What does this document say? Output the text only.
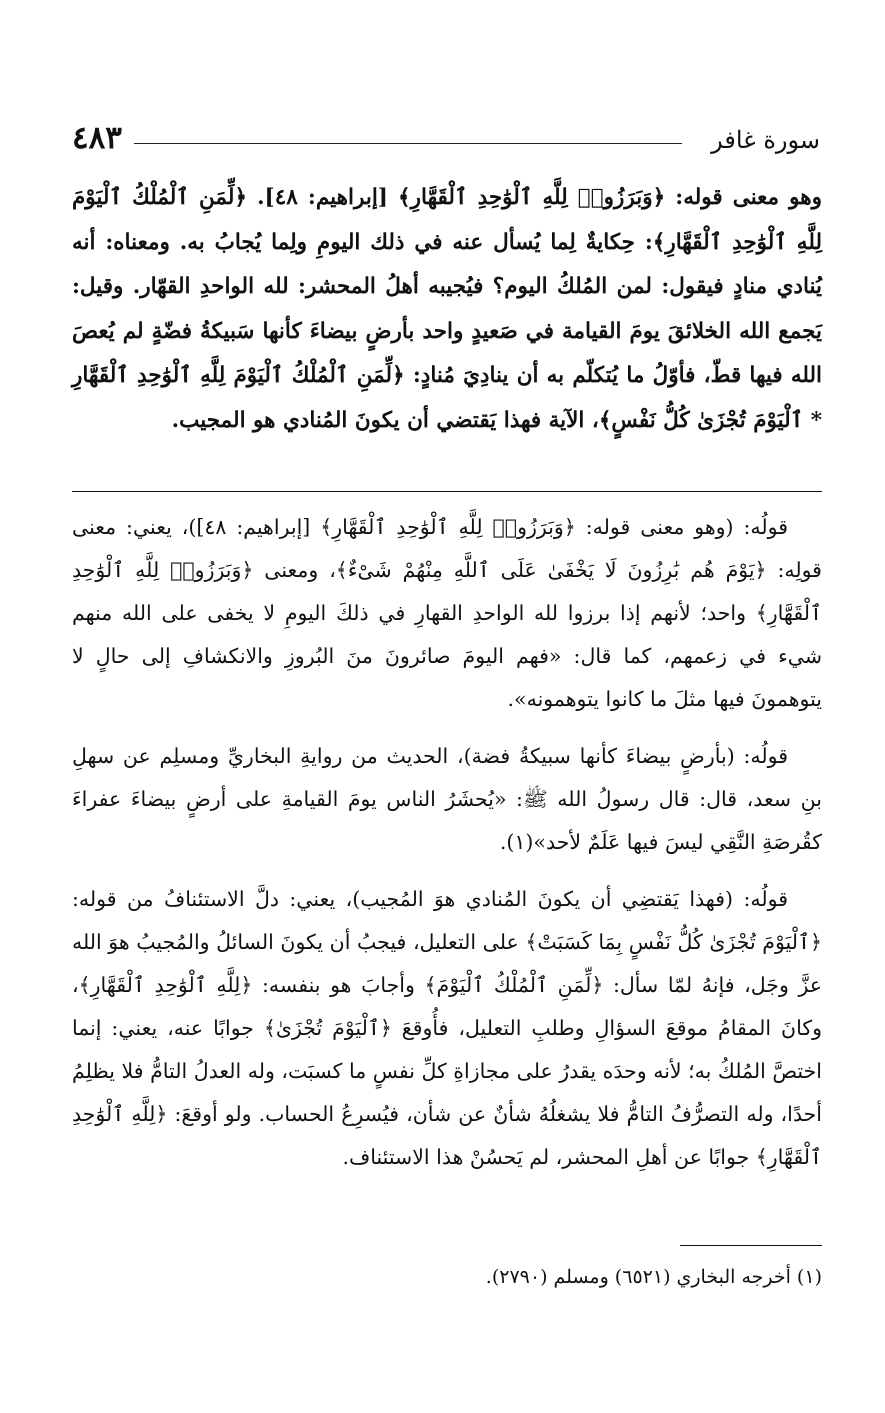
٤٨٣	سورة غافر

وهو معنى قوله: ﴿وَبَرَزُوا۟ لِلَّهِ ٱلْوَٰحِدِ ٱلْقَهَّارِ﴾ [إبراهيم: ٤٨]. ﴿لِّمَنِ ٱلْمُلْكُ ٱلْيَوْمَ لِلَّهِ ٱلْوَٰحِدِ ٱلْقَهَّارِ﴾: حِكايةٌ لِما يُسأل عنه في ذلك اليومِ ولِما يُجابُ به. ومعناه: أنه يُنادي منادٍ فيقول: لمن المُلكُ اليوم؟ فيُجيبه أهلُ المحشر: لله الواحدِ القهّار. وقيل: يَجمع الله الخلائقَ يومَ القيامة في صَعيدٍ واحد بأرضٍ بيضاءَ كأنها سَبيكةُ فضّةٍ لم يُعصَ الله فيها قطّ، فأوّلُ ما يُتكلّم به أن ينادِيَ مُنادٍ: ﴿لِّمَنِ ٱلْمُلْكُ ٱلْيَوْمَ لِلَّهِ ٱلْوَٰحِدِ ٱلْقَهَّارِ * ٱلْيَوْمَ تُجْزَىٰ كُلُّ نَفْسٍ﴾، الآية فهذا يَقتضي أن يكونَ المُنادي هو المجيب.

قولُه: (وهو معنى قوله: ﴿وَبَرَزُوا۟ لِلَّهِ ٱلْوَٰحِدِ ٱلْقَهَّارِ﴾ [إبراهيم: ٤٨])، يعني: معنى قولِه: ﴿يَوْمَ هُم بَٰرِزُونَ لَا يَخْفَىٰ عَلَى ٱللَّهِ مِنْهُمْ شَىْءٌ﴾، ومعنى ﴿وَبَرَزُوا۟ لِلَّهِ ٱلْوَٰحِدِ ٱلْقَهَّارِ﴾ واحد؛ لأنهم إذا برزوا لله الواحدِ القهارِ في ذلكَ اليومِ لا يخفى على الله منهم شيء في زعمهم، كما قال: «فهم اليومَ صائرونَ منَ البُروزِ والانكشافِ إلى حالٍ لا يتوهمونَ فيها مثلَ ما كانوا يتوهمونه».

قولُه: (بأرضٍ بيضاءَ كأنها سبيكةُ فضة)، الحديث من روايةِ البخاريِّ ومسلِم عن سهلِ بنِ سعد، قال: قال رسولُ الله ﷺ: «يُحشَرُ الناس يومَ القيامةِ على أرضٍ بيضاءَ عفراءَ كقُرصَةِ النَّقِي ليسَ فيها عَلَمٌ لأحد»(١).

قولُه: (فهذا يَقتضِي أن يكونَ المُنادي هوَ المُجيب)، يعني: دلَّ الاستئنافُ من قوله: ﴿ٱلْيَوْمَ تُجْزَىٰ كُلُّ نَفْسٍ بِمَا كَسَبَتْ﴾ على التعليل، فيجبُ أن يكونَ السائلُ والمُجيبُ هوَ الله عزَّ وجَل، فإنهُ لمّا سأل: ﴿لِّمَنِ ٱلْمُلْكُ ٱلْيَوْمَ﴾ وأجابَ هو بنفسه: ﴿لِلَّهِ ٱلْوَٰحِدِ ٱلْقَهَّارِ﴾، وكانَ المقامُ موقعَ السؤالِ وطلبِ التعليل، فأُوقعَ ﴿ٱلْيَوْمَ تُجْزَىٰ﴾ جوابًا عنه، يعني: إنما اختصَّ المُلكُ به؛ لأنه وحدَه يقدرُ على مجازاةِ كلِّ نفسٍ ما كسبَت، وله العدلُ التامُّ فلا يظلِمُ أحدًا، وله التصرُّفُ التامُّ فلا يشغلُهُ شأنٌ عن شأن، فيُسرِعُ الحساب. ولو أوقعَ: ﴿لِلَّهِ ٱلْوَٰحِدِ ٱلْقَهَّارِ﴾ جوابًا عن أهلِ المحشر، لم يَحسُنْ هذا الاستئناف.

(١) أخرجه البخاري (٦٥٢١) ومسلم (٢٧٩٠).
